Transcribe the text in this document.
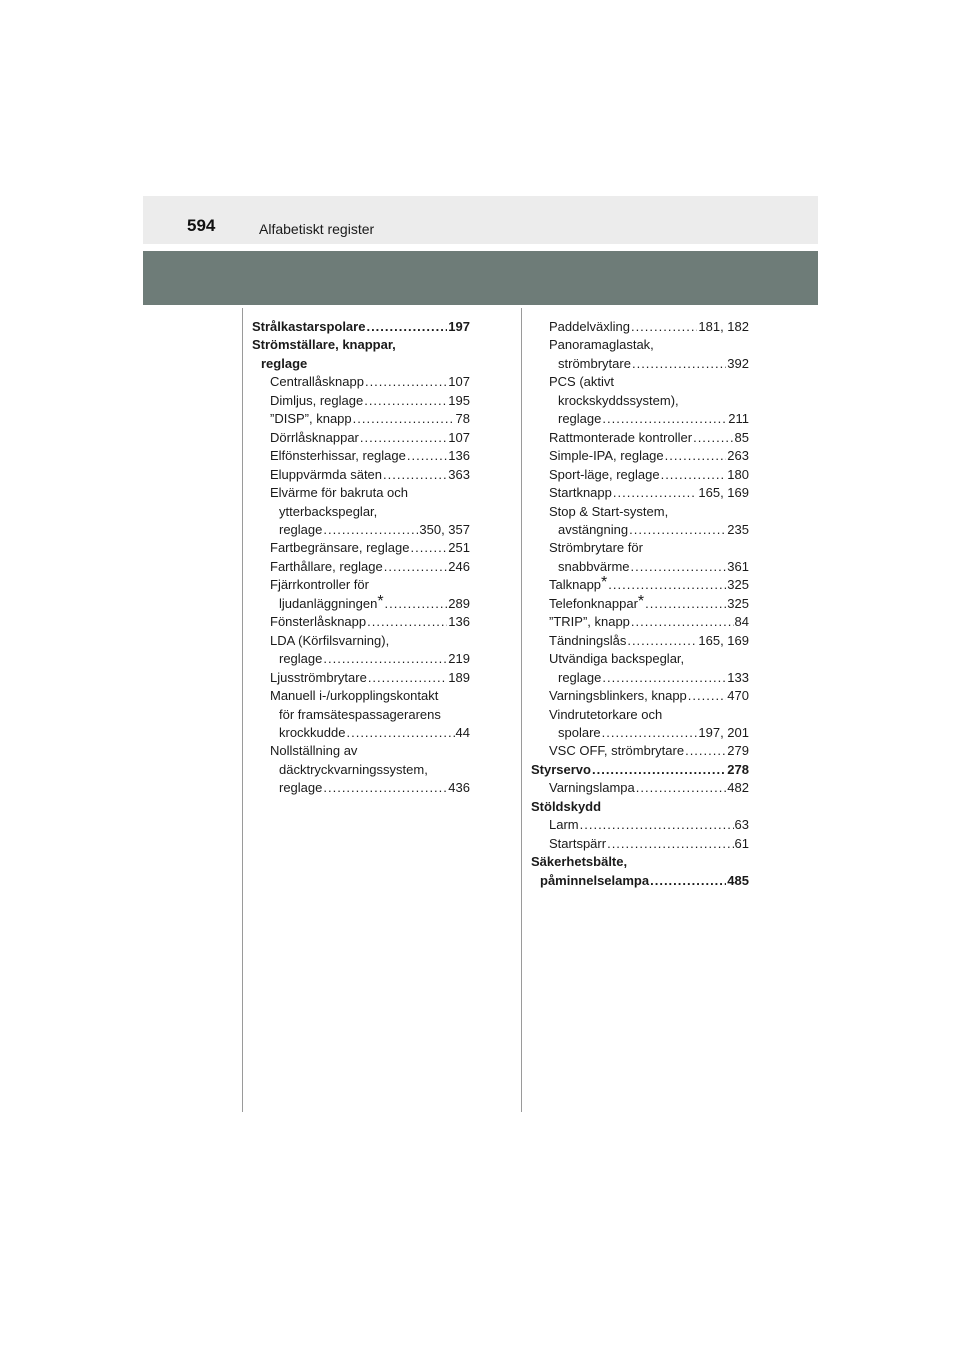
594	Alfabetiskt register
Strålkastarspolare .....	197
Strömställare, knappar,
reglage
Centrallåsknapp .....	107
Dimljus, reglage .....	195
”DISP”, knapp .....	78
Dörrlåsknappar .....	107
Elfönsterhissar, reglage .....	136
Eluppvärmda säten .....	363
Elvärme för bakruta och
ytterbackspeglar,
reglage .....	350, 357
Fartbegränsare, reglage .....	251
Farthållare, reglage .....	246
Fjärrkontroller för
ljudanläggningen* .....	289
Fönsterlåsknapp .....	136
LDA (Körfilsvarning),
reglage .....	219
Ljusströmbrytare .....	189
Manuell i-/urkopplingskontakt
för framsätespassagerarens
krockkudde .....	44
Nollställning av
däcktryckvarningssystem,
reglage .....	436
Paddelväxling .....	181, 182
Panoramaglastak,
strömbrytare .....	392
PCS (aktivt
krockskyddssystem),
reglage .....	211
Rattmonterade kontroller .....	85
Simple-IPA, reglage .....	263
Sport-läge, reglage .....	180
Startknapp .....	165, 169
Stop & Start-system,
avstängning .....	235
Strömbrytare för
snabbvärme .....	361
Talknapp* .....	325
Telefonknappar* .....	325
”TRIP”, knapp .....	84
Tändningslås .....	165, 169
Utvändiga backspeglar,
reglage .....	133
Varningsblinkers, knapp .....	470
Vindrutetorkare och
spolare .....	197, 201
VSC OFF, strömbrytare .....	279
Styrservo .....	278
Varningslampa .....	482
Stöldskydd
Larm .....	63
Startspärr .....	61
Säkerhetsbälte,
påminnelselampa .....	485
